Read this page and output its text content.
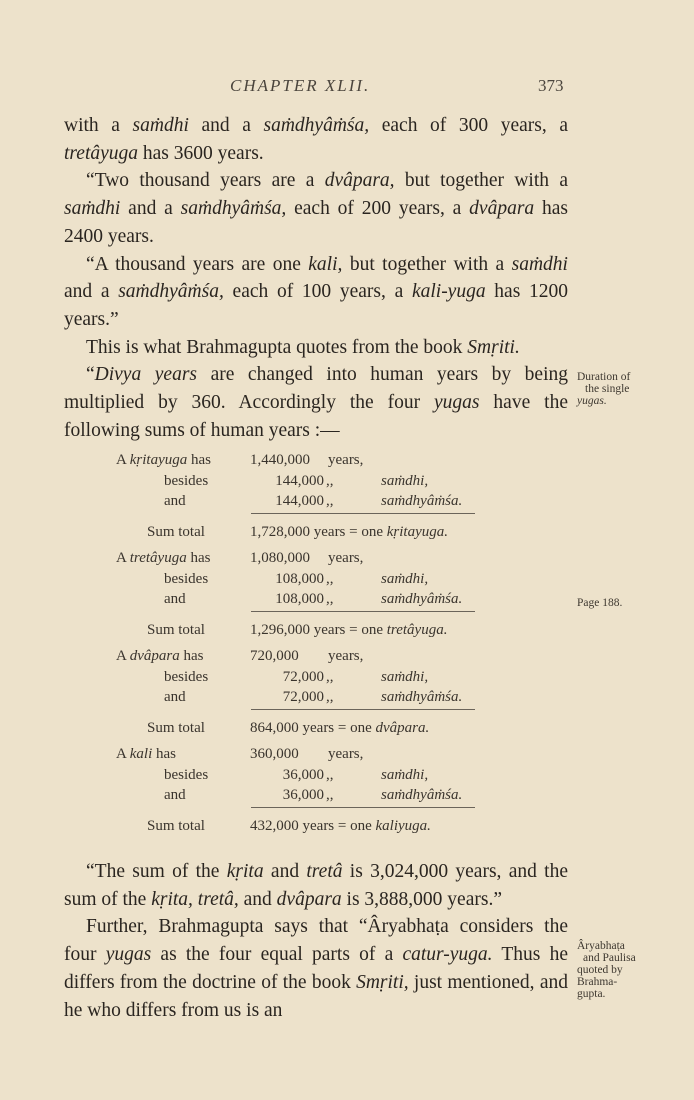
CHAPTER XLII.	373

with a saṁdhi and a saṁdhyâṁśa, each of 300 years, a tretâyuga has 3600 years.

“Two thousand years are a dvâpara, but together with a saṁdhi and a saṁdhyâṁśa, each of 200 years, a dvâpara has 2400 years.

“A thousand years are one kali, but together with a saṁdhi and a saṁdhyâṁśa, each of 100 years, a kali-yuga has 1200 years.”

This is what Brahmagupta quotes from the book Smṛiti.

“Divya years are changed into human years by being multiplied by 360. Accordingly the four yugas have the following sums of human years :—

Duration of
the single
yugas.
Page 188.
A kṛitayuga has	1,440,000 years,
besides	144,000 ,,	saṁdhi,
and	144,000 ,,	saṁdhyâṁśa.
Sum total	1,728,000 years = one kṛitayuga.
A tretâyuga has	1,080,000 years,
besides	108,000 ,,	saṁdhi,
and	108,000 ,,	saṁdhyâṁśa.
Sum total	1,296,000 years = one tretâyuga.
A dvâpara has	720,000 years,
besides	72,000 ,,	saṁdhi,
and	72,000 ,,	saṁdhyâṁśa.
Sum total	864,000 years = one dvâpara.
A kali has	360,000 years,
besides	36,000 ,,	saṁdhi,
and	36,000 ,,	saṁdhyâṁśa.
Sum total	432,000 years = one kaliyuga.

“The sum of the kṛita and tretâ is 3,024,000 years, and the sum of the kṛita, tretâ, and dvâpara is 3,888,000 years.”

Further, Brahmagupta says that “Âryabhaṭa considers the four yugas as the four equal parts of a catur-yuga. Thus he differs from the doctrine of the book Smṛiti, just mentioned, and he who differs from us is an

Âryabhaṭa
and Paulisa
quoted by
Brahma-
gupta.
